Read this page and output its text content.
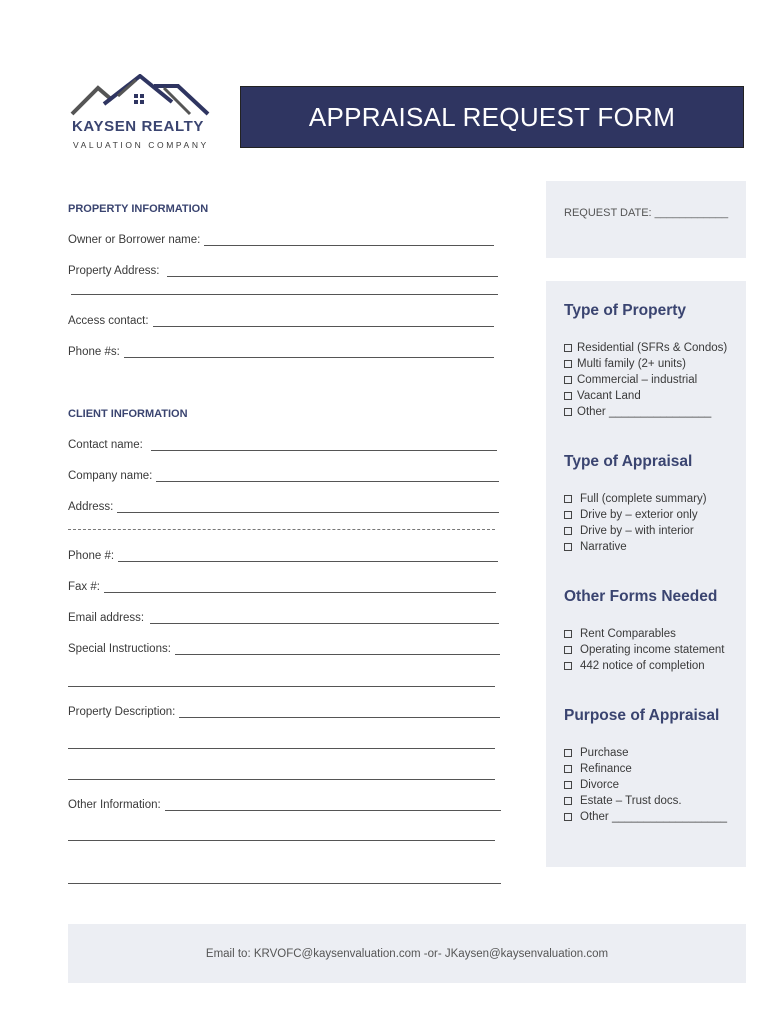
KAYSEN REALTY
VALUATION COMPANY
APPRAISAL REQUEST FORM
PROPERTY INFORMATION
Owner or Borrower name:
Property Address:
Access contact:
Phone #s:
CLIENT INFORMATION
Contact name:
Company name:
Address:
Phone #:
Fax #:
Email address:
Special Instructions:
Property Description:
Other Information:
REQUEST DATE: ____________
Type of Property
Residential (SFRs & Condos)
Multi family (2+ units)
Commercial – industrial
Vacant Land
Other ________________
Type of Appraisal
Full (complete summary)
Drive by – exterior only
Drive by – with interior
Narrative
Other Forms Needed
Rent Comparables
Operating income statement
442 notice of completion
Purpose of Appraisal
Purchase
Refinance
Divorce
Estate – Trust docs.
Other __________________
Email to: KRVOFC@kaysenvaluation.com -or- JKaysen@kaysenvaluation.com
